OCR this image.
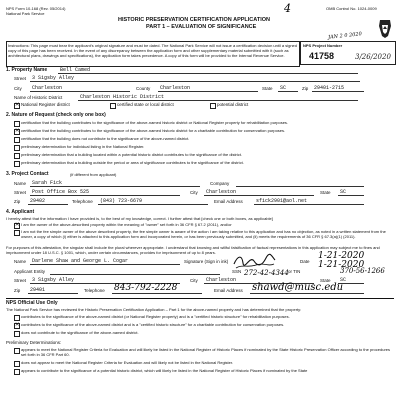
NPS Form 10-168 (Rev. 05/2014)
National Park Service
OMB Control No. 1024-0009
4
HISTORIC PRESERVATION CERTIFICATION APPLICATION
PART 1 – EVALUATION OF SIGNIFICANCE
Instructions: This page must bear the applicant's original signature and must be dated. The National Park Service will not issue a certification decision until a signed copy of this page has been received. In the event of any discrepancy between the application form and other supplementary material submitted with it (such as architectural plans, drawings and specifications), the application form takes precedence. A copy of this form will be provided to the Internal Revenue Service.
NPS Project Number
41758	3/26/2020
JAN 2 0 2020
1. Property Name	Bell Camed
Street 3 Sigsby Alley
City Charleston	County Charleston	State SC	Zip 29401-2715
Name of Historic District	Charleston Historic District
✕
National Register district	certified state or local district	potential district
2. Nature of Request (check only one box)
certification that the building contributes to the significance of the above-named historic district or National Register property for rehabilitation purposes.
✕
certification that the building contributes to the significance of the above-named historic district for a charitable contribution for conservation purposes.
certification that the building does not contribute to the significance of the above-named district.
preliminary determination for individual listing in the National Register.
preliminary determination that a building located within a potential historic district contributes to the significance of the district.
preliminary determination that a building outside the period or area of significance contributes to the significance of the district.
3. Project Contact	(if different from applicant)
Name Sarah Fick	Company
Street Post Office Box 525	City Charleston	State SC
Zip 29402	Telephone (843) 723-6679	Email Address	sfick2901@aol.net
4. Applicant
I hereby attest that the information I have provided is, to the best of my knowledge, correct. I further attest that [check one or both boxes, as applicable]
✕
I am the owner of the above-described property within the meaning of "owner" set forth in 36 CFR § 67.2 (2011), and/or
I am not the fee simple owner of the above described property, the fee simple owner is aware of the action I am taking relative to this application and has no objection, as noted in a written statement from the owner, a copy of which (i) either is attached to this application form and incorporated herein, or has been previously submitted, and (ii) meets the requirements of 36 CFR § 67.3(a)(1) (2011).
For purposes of this attestation, the singular shall include the plural wherever appropriate. I understand that knowing and willful falsification of factual representations in this application may subject me to fines and imprisonment under 18 U.S.C. § 1001, which, under certain circumstances, provides for imprisonment of up to 8 years.
Name Darlene Shaw and George L. Cogar	Signature (Sign in ink)	Date
1-21-2020
1-21-2020
Applicant Entity	SSN 272-42-4344 or TIN	370-56-1266
Street 3 Sigsby Alley	City Charleston	State SC
Zip 29401	Telephone 843-792-2228	Email Address shawd@musc.edu
NPS Official Use Only
The National Park Service has reviewed the Historic Preservation Certification Application – Part 1 for the above-named property and has determined that the property:
contributes to the significance of the above-named district (or National Register property) and is a "certified historic structure" for rehabilitation purposes.
✕
contributes to the significance of the above-named district and is a "certified historic structure" for a charitable contribution for conservation purposes.
does not contribute to the significance of the above-named district.
Preliminary Determinations:
appears to meet the National Register Criteria for Evaluation and will likely be listed in the National Register of Historic Places if nominated by the State Historic Preservation Officer according to the procedures set forth in 36 CFR Part 60.
does not appear to meet the National Register Criteria for Evaluation and will likely not be listed in the National Register.
appears to contribute to the significance of a potential historic district, which will likely be listed in the National Register of Historic Places if nominated by the State
